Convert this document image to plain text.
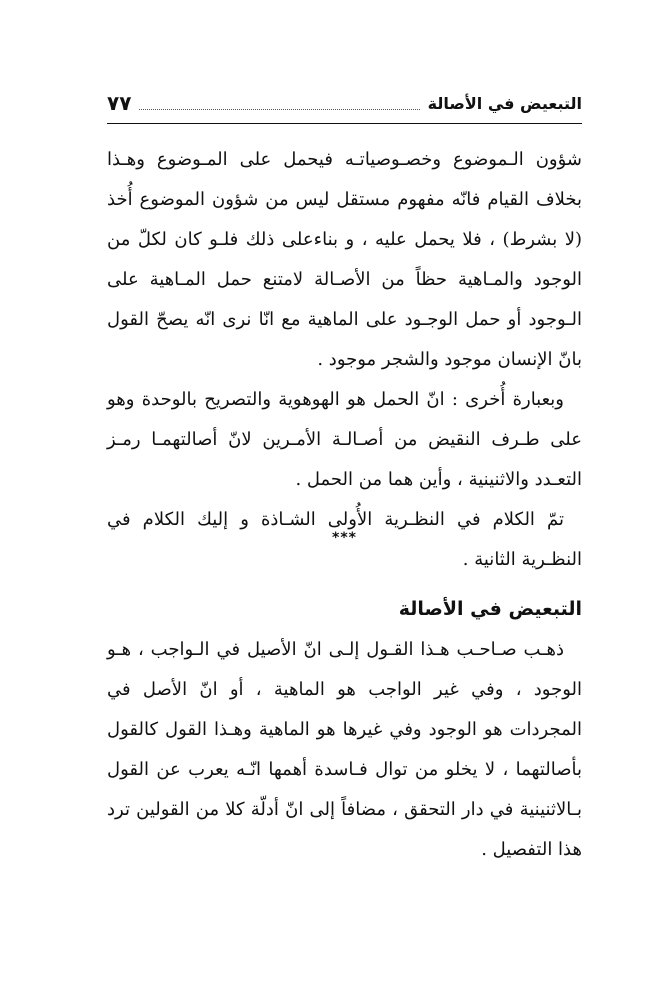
التبعيض في الأصالة
٧٧

شؤون الـموضوع وخصـوصياتـه فيحمل على المـوضوع وهـذا بخلاف القيام فانّه مفهوم مستقل ليس من شؤون الموضوع أُخذ (لا بشرط) ، فلا يحمل عليه ، و بناءعلى ذلك فلـو كان لكلّ من الوجود والمـاهية حظاً من الأصـالة لامتنع حمل المـاهية على الـوجود أو حمل الوجـود على الماهية مع انّا نرى انّه يصحّ القول بانّ الإنسان موجود والشجر موجود .

وبعبارة أُخرى : انّ الحمل هو الهوهوية والتصريح بالوحدة وهو على طـرف النقيض من أصـالـة الأمـرين لانّ أصالتهمـا رمـز التعـدد والاثنينية ، وأين هما من الحمل .

تمّ الكلام في النظـرية الأُولى الشـاذة و إليك الكلام في النظـرية الثانية .

***
التبعيض في الأصالة

ذهـب صـاحـب هـذا القـول إلـى انّ الأصيل في الـواجب ، هـو الوجود ، وفي غير الواجب هو الماهية ، أو انّ الأصل في المجردات هو الوجود وفي غيرها هو الماهية وهـذا القول كالقول بأصالتهما ، لا يخلو من توال فـاسدة أهمها انّـه يعرب عن القول بـالاثنينية في دار التحقق ، مضافاً إلى انّ أدلّة كلا من القولين ترد هذا التفصيل .
